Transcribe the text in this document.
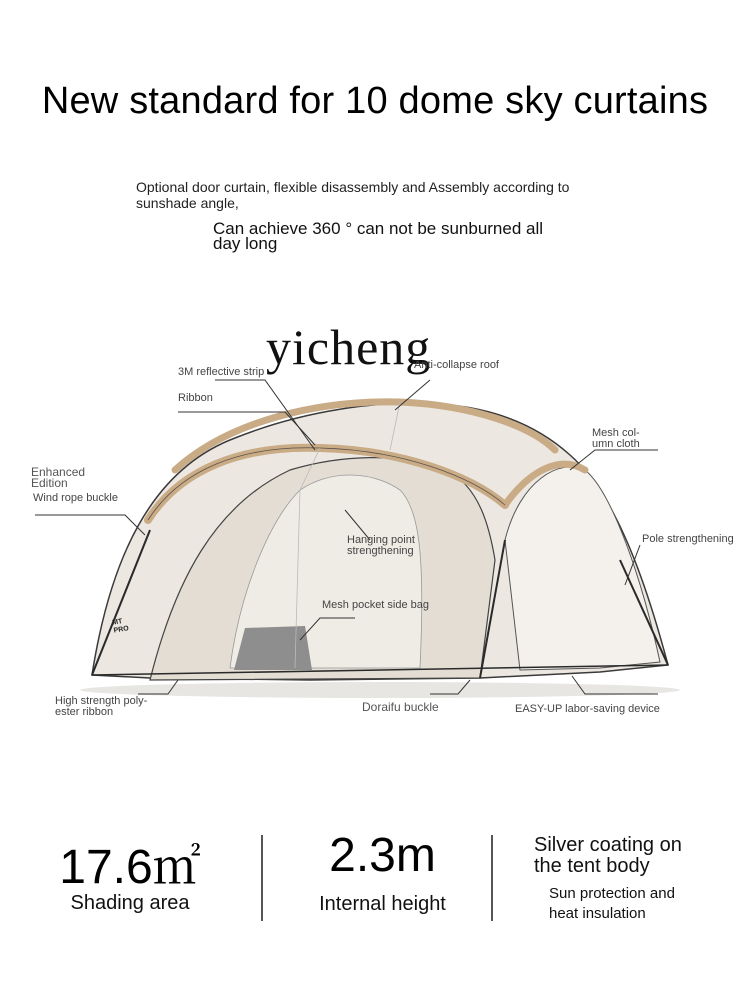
New standard for 10 dome sky curtains
Optional door curtain, flexible disassembly and Assembly according to sunshade angle,
Can achieve 360 ° can not be sunburned all day long
yicheng
3M reflective strip
Ribbon
Anti-collapse roof
Mesh col- umn cloth
Enhanced Edition
Wind rope buckle
Hanging point strengthening
Pole strengthening
Mesh pocket side bag
High strength poly- ester ribbon	Doraifu buckle	EASY-UP labor-saving device
MT PRO
17.6㎡
Shading area
2.3m
Internal height
Silver coating on the tent body
Sun protection and heat insulation
